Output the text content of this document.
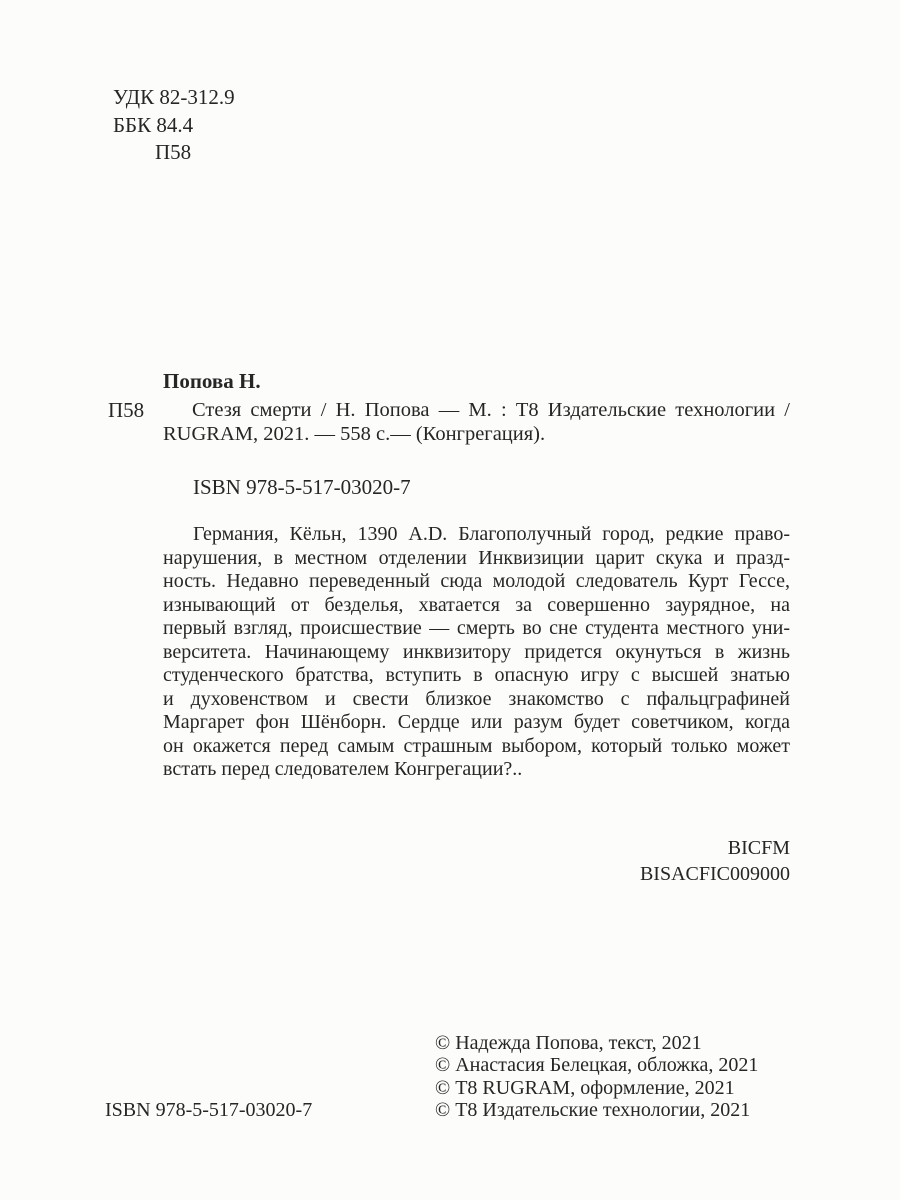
УДК 82-312.9
ББК 84.4
П58
Попова Н.
П58	Стезя смерти / Н. Попова — М. : Т8 Издательские технологии /
RUGRAM, 2021. — 558 с.— (Конгрегация).
ISBN 978-5-517-03020-7
Германия, Кёльн, 1390 A.D. Благополучный город, редкие право-
нарушения, в местном отделении Инквизиции царит скука и празд-
ность. Недавно переведенный сюда молодой следователь Курт Гессе,
изнывающий от безделья, хватается за совершенно заурядное, на
первый взгляд, происшествие — смерть во сне студента местного уни-
верситета. Начинающему инквизитору придется окунуться в жизнь
студенческого братства, вступить в опасную игру с высшей знатью
и духовенством и свести близкое знакомство с пфальцграфиней
Маргарет фон Шёнборн. Сердце или разум будет советчиком, когда
он окажется перед самым страшным выбором, который только может
встать перед следователем Конгрегации?..
BICFM
BISACFIC009000
© Надежда Попова, текст, 2021
© Анастасия Белецкая, обложка, 2021
© Т8 RUGRAM, оформление, 2021
© Т8 Издательские технологии, 2021
ISBN 978-5-517-03020-7
